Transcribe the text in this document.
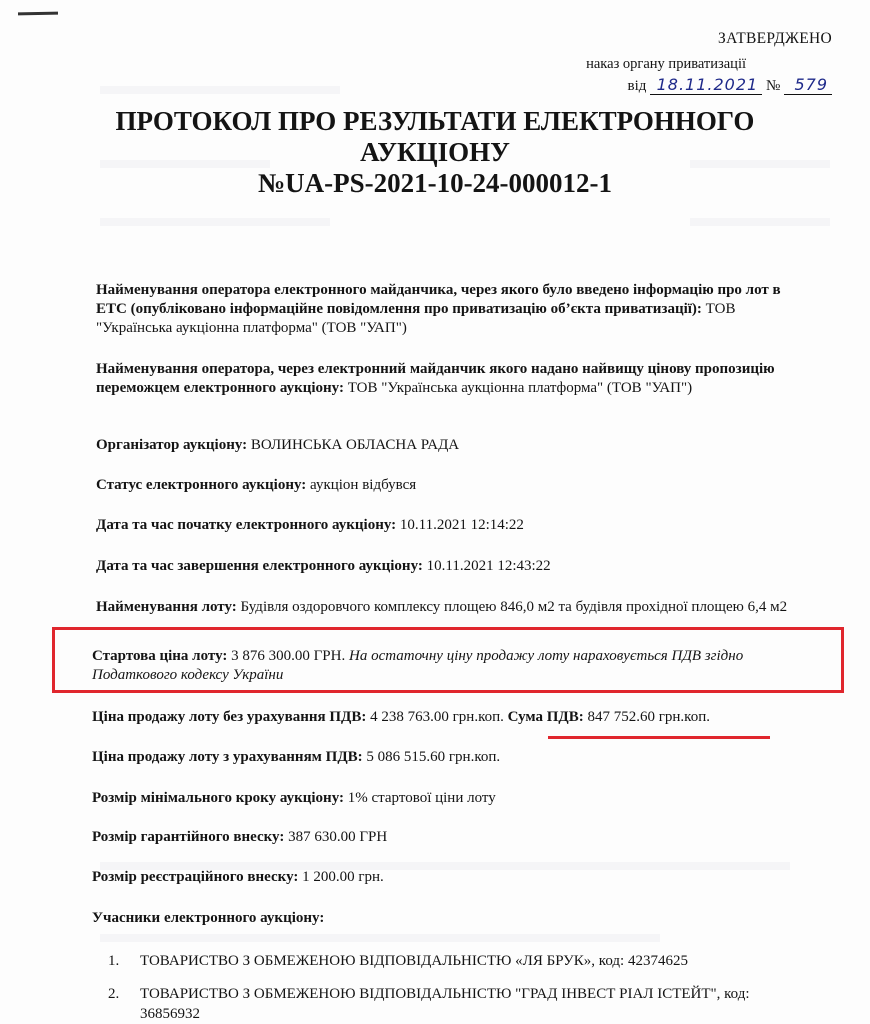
ЗАТВЕРДЖЕНО
наказ органу приватизації
від 18.11.2021 № 579
ПРОТОКОЛ ПРО РЕЗУЛЬТАТИ ЕЛЕКТРОННОГО
АУКЦІОНУ
№UA-PS-2021-10-24-000012-1
Найменування оператора електронного майданчика, через якого було введено інформацію про лот в ЕТС (опубліковано інформаційне повідомлення про приватизацію об’єкта приватизації): ТОВ "Українська аукціонна платформа" (ТОВ "УАП")
Найменування оператора, через електронний майданчик якого надано найвищу цінову пропозицію переможцем електронного аукціону: ТОВ "Українська аукціонна платформа" (ТОВ "УАП")
Організатор аукціону: ВОЛИНСЬКА ОБЛАСНА РАДА
Статус електронного аукціону: аукціон відбувся
Дата та час початку електронного аукціону: 10.11.2021 12:14:22
Дата та час завершення електронного аукціону: 10.11.2021 12:43:22
Найменування лоту: Будівля оздоровчого комплексу площею 846,0 м2 та будівля прохідної площею 6,4 м2
Стартова ціна лоту: 3 876 300.00 ГРН. На остаточну ціну продажу лоту нараховується ПДВ згідно Податкового кодексу України
Ціна продажу лоту без урахування ПДВ: 4 238 763.00 грн.коп. Сума ПДВ: 847 752.60 грн.коп.
Ціна продажу лоту з урахуванням ПДВ: 5 086 515.60 грн.коп.
Розмір мінімального кроку аукціону: 1% стартової ціни лоту
Розмір гарантійного внеску: 387 630.00 ГРН
Розмір реєстраційного внеску: 1 200.00 грн.
Учасники електронного аукціону:
1.	ТОВАРИСТВО З ОБМЕЖЕНОЮ ВІДПОВІДАЛЬНІСТЮ «ЛЯ БРУК», код: 42374625
2.	ТОВАРИСТВО З ОБМЕЖЕНОЮ ВІДПОВІДАЛЬНІСТЮ "ГРАД ІНВЕСТ РІАЛ ІСТЕЙТ", код: 36856932
